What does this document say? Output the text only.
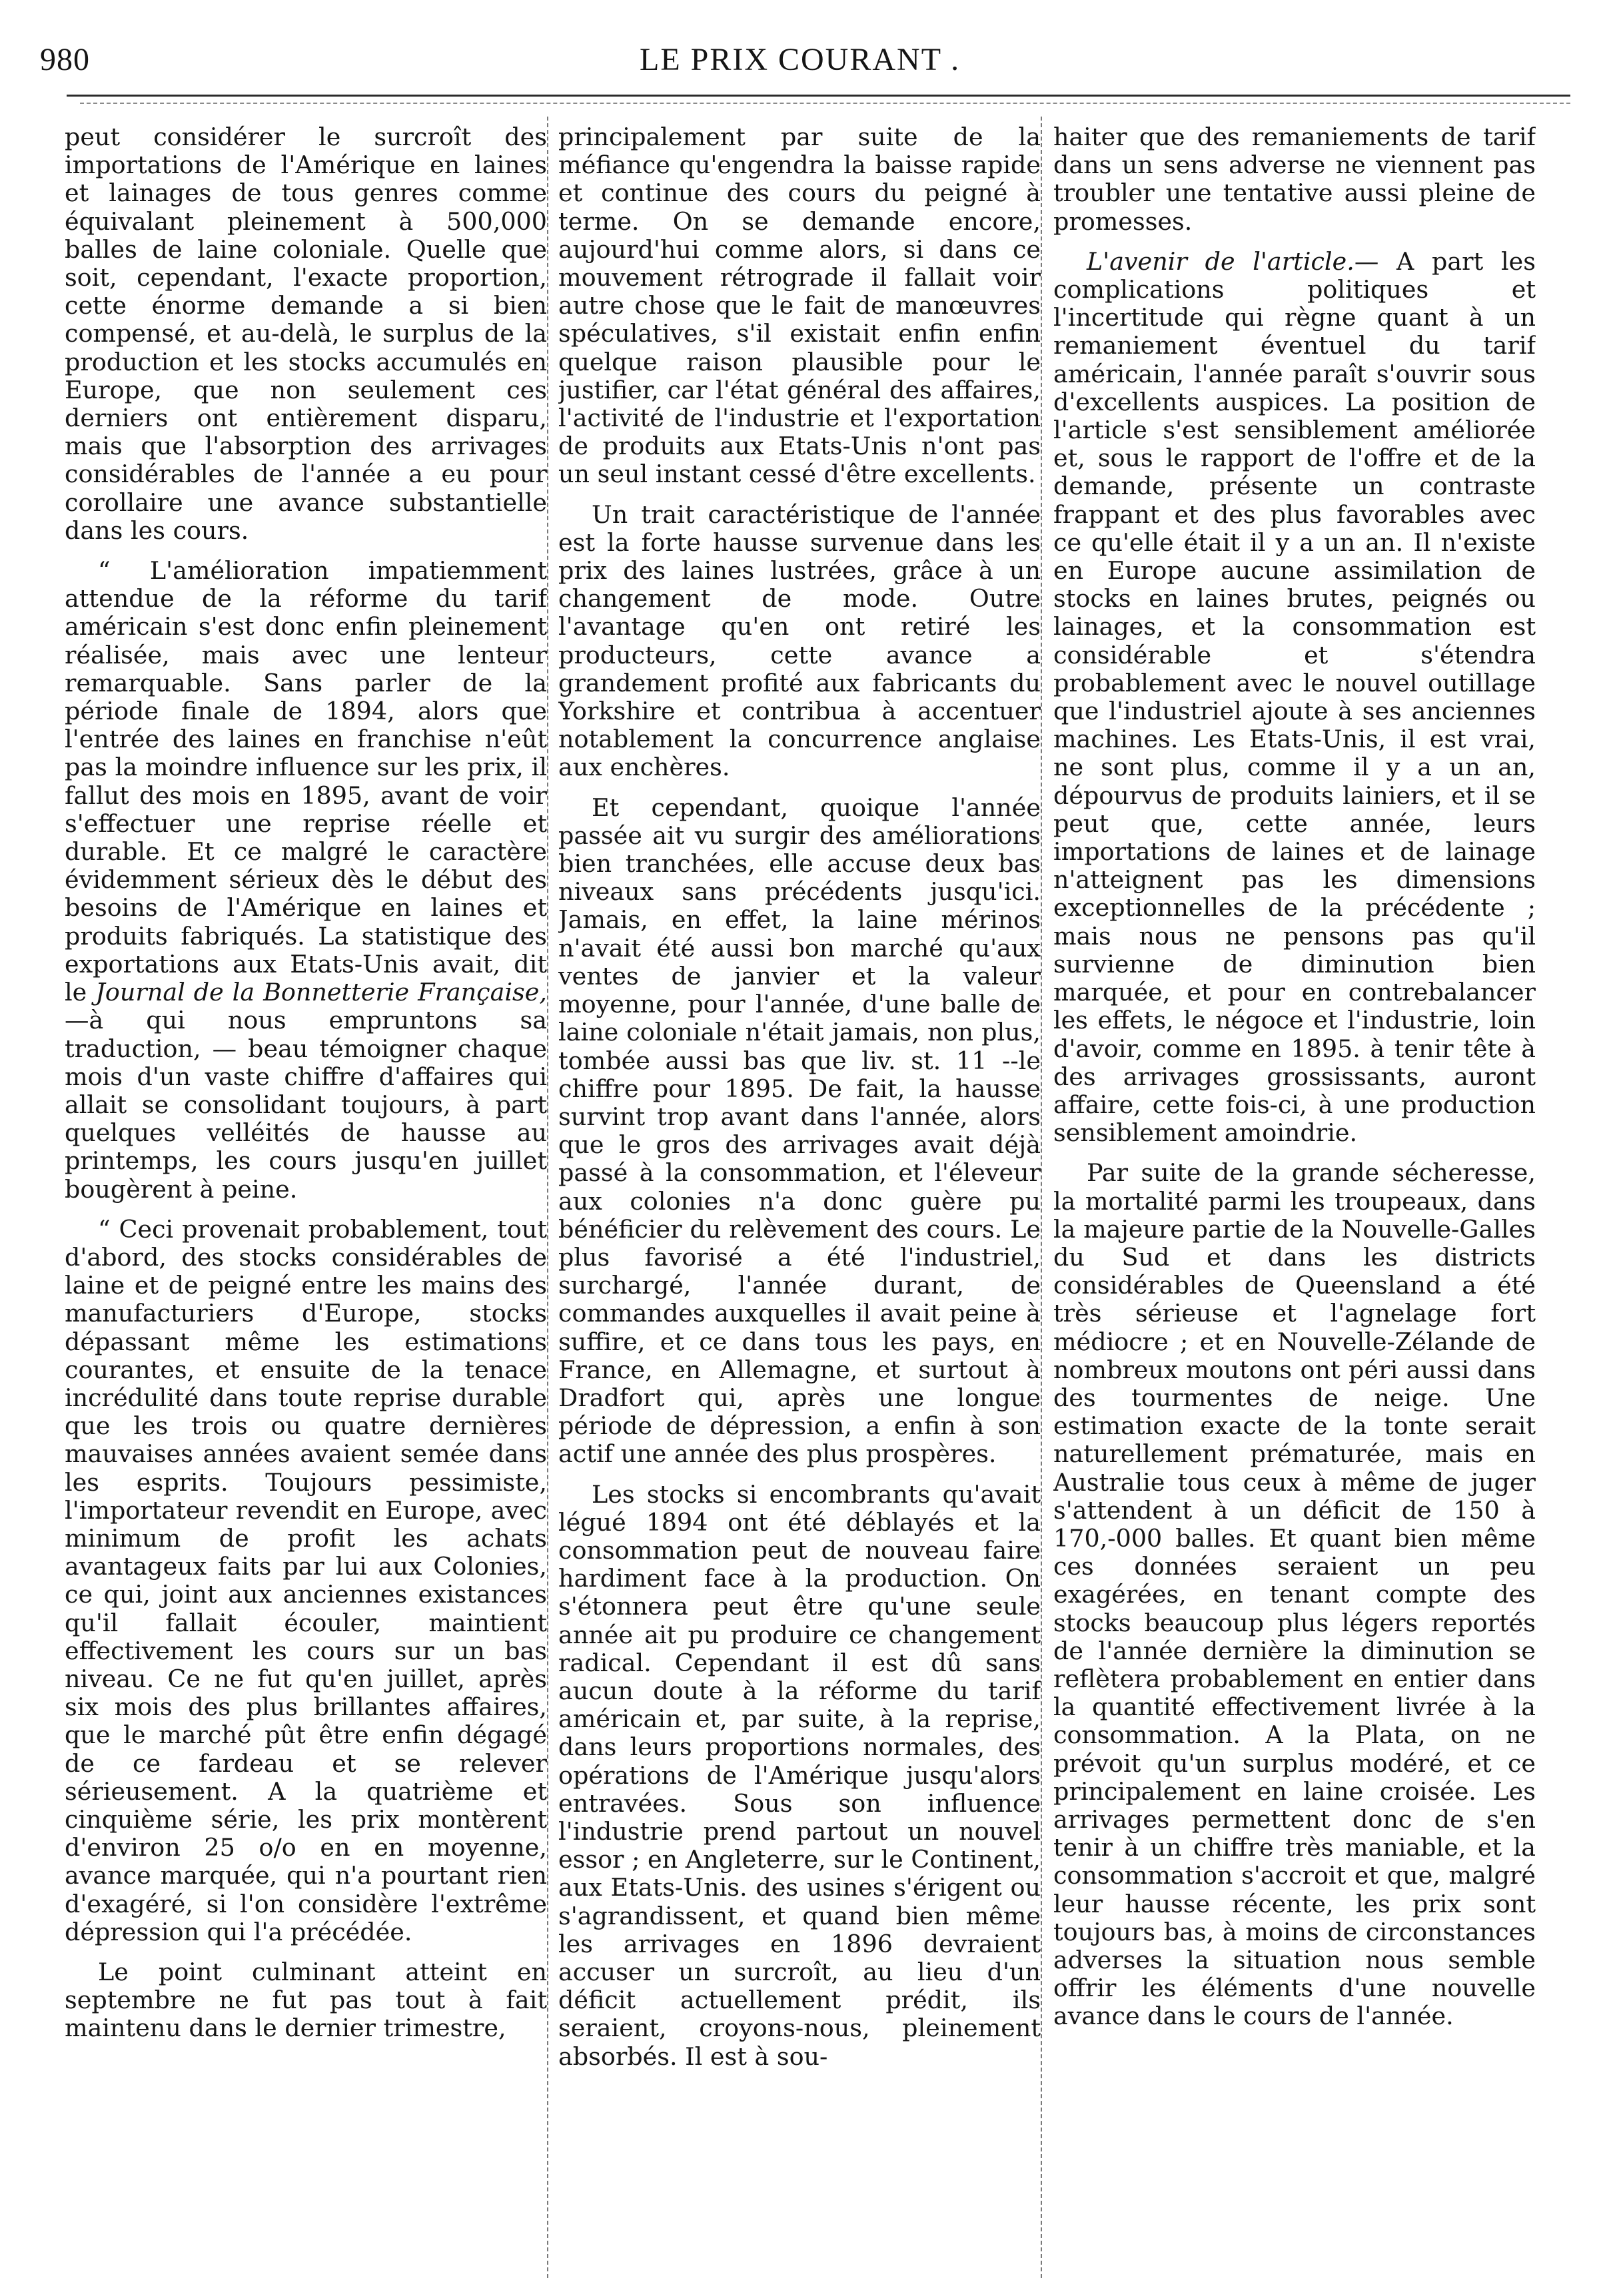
980	LE PRIX COURANT .

peut considérer le surcroît des importations de l'Amérique en laines et lainages de tous genres comme équivalant pleinement à 500,000 balles de laine coloniale. Quelle que soit, cependant, l'exacte proportion, cette énorme demande a si bien compensé, et au-delà, le surplus de la production et les stocks accumulés en Europe, que non seulement ces derniers ont entièrement disparu, mais que l'absorption des arrivages considérables de l'année a eu pour corollaire une avance substantielle dans les cours.

“ L'amélioration impatiemment attendue de la réforme du tarif américain s'est donc enfin pleinement réalisée, mais avec une lenteur remarquable. Sans parler de la période finale de 1894, alors que l'entrée des laines en franchise n'eût pas la moindre influence sur les prix, il fallut des mois en 1895, avant de voir s'effectuer une reprise réelle et durable. Et ce malgré le caractère évidemment sérieux dès le début des besoins de l'Amérique en laines et produits fabriqués. La statistique des exportations aux Etats-Unis avait, dit le Journal de la Bonnetterie Française,—à qui nous empruntons sa traduction, — beau témoigner chaque mois d'un vaste chiffre d'affaires qui allait se consolidant toujours, à part quelques velléités de hausse au printemps, les cours jusqu'en juillet bougèrent à peine.

“ Ceci provenait probablement, tout d'abord, des stocks considérables de laine et de peigné entre les mains des manufacturiers d'Europe, stocks dépassant même les estimations courantes, et ensuite de la tenace incrédulité dans toute reprise durable que les trois ou quatre dernières mauvaises années avaient semée dans les esprits. Toujours pessimiste, l'importateur revendit en Europe, avec minimum de profit les achats avantageux faits par lui aux Colonies, ce qui, joint aux anciennes existances qu'il fallait écouler, maintient effectivement les cours sur un bas niveau. Ce ne fut qu'en juillet, après six mois des plus brillantes affaires, que le marché pût être enfin dégagé de ce fardeau et se relever sérieusement. A la quatrième et cinquième série, les prix montèrent d'environ 25 o/o en en moyenne, avance marquée, qui n'a pourtant rien d'exagéré, si l'on considère l'extrême dépression qui l'a précédée.

Le point culminant atteint en septembre ne fut pas tout à fait maintenu dans le dernier trimestre,

principalement par suite de la méfiance qu'engendra la baisse rapide et continue des cours du peigné à terme. On se demande encore, aujourd'hui comme alors, si dans ce mouvement rétrograde il fallait voir autre chose que le fait de manœuvres spéculatives, s'il existait enfin enfin quelque raison plausible pour le justifier, car l'état général des affaires, l'activité de l'industrie et l'exportation de produits aux Etats-Unis n'ont pas un seul instant cessé d'être excellents.

Un trait caractéristique de l'année est la forte hausse survenue dans les prix des laines lustrées, grâce à un changement de mode. Outre l'avantage qu'en ont retiré les producteurs, cette avance a grandement profité aux fabricants du Yorkshire et contribua à accentuer notablement la concurrence anglaise aux enchères.

Et cependant, quoique l'année passée ait vu surgir des améliorations bien tranchées, elle accuse deux bas niveaux sans précédents jusqu'ici. Jamais, en effet, la laine mérinos n'avait été aussi bon marché qu'aux ventes de janvier et la valeur moyenne, pour l'année, d'une balle de laine coloniale n'était jamais, non plus, tombée aussi bas que liv. st. 11 --le chiffre pour 1895. De fait, la hausse survint trop avant dans l'année, alors que le gros des arrivages avait déjà passé à la consommation, et l'éleveur aux colonies n'a donc guère pu bénéficier du relèvement des cours. Le plus favorisé a été l'industriel, surchargé, l'année durant, de commandes auxquelles il avait peine à suffire, et ce dans tous les pays, en France, en Allemagne, et surtout à Dradfort qui, après une longue période de dépression, a enfin à son actif une année des plus prospères.

Les stocks si encombrants qu'avait légué 1894 ont été déblayés et la consommation peut de nouveau faire hardiment face à la production. On s'étonnera peut être qu'une seule année ait pu produire ce changement radical. Cependant il est dû sans aucun doute à la réforme du tarif américain et, par suite, à la reprise, dans leurs proportions normales, des opérations de l'Amérique jusqu'alors entravées. Sous son influence l'industrie prend partout un nouvel essor ; en Angleterre, sur le Continent, aux Etats-Unis. des usines s'érigent ou s'agrandissent, et quand bien même les arrivages en 1896 devraient accuser un surcroît, au lieu d'un déficit actuellement prédit, ils seraient, croyons-nous, pleinement absorbés. Il est à sou-

haiter que des remaniements de tarif dans un sens adverse ne viennent pas troubler une tentative aussi pleine de promesses.

L'avenir de l'article.— A part les complications politiques et l'incertitude qui règne quant à un remaniement éventuel du tarif américain, l'année paraît s'ouvrir sous d'excellents auspices. La position de l'article s'est sensiblement améliorée et, sous le rapport de l'offre et de la demande, présente un contraste frappant et des plus favorables avec ce qu'elle était il y a un an. Il n'existe en Europe aucune assimilation de stocks en laines brutes, peignés ou lainages, et la consommation est considérable et s'étendra probablement avec le nouvel outillage que l'industriel ajoute à ses anciennes machines. Les Etats-Unis, il est vrai, ne sont plus, comme il y a un an, dépourvus de produits lainiers, et il se peut que, cette année, leurs importations de laines et de lainage n'atteignent pas les dimensions exceptionnelles de la précédente ; mais nous ne pensons pas qu'il survienne de diminution bien marquée, et pour en contrebalancer les effets, le négoce et l'industrie, loin d'avoir, comme en 1895. à tenir tête à des arrivages grossissants, auront affaire, cette fois-ci, à une production sensiblement amoindrie.

Par suite de la grande sécheresse, la mortalité parmi les troupeaux, dans la majeure partie de la Nouvelle-Galles du Sud et dans les districts considérables de Queensland a été très sérieuse et l'agnelage fort médiocre ; et en Nouvelle-Zélande de nombreux moutons ont péri aussi dans des tourmentes de neige. Une estimation exacte de la tonte serait naturellement prématurée, mais en Australie tous ceux à même de juger s'attendent à un déficit de 150 à 170,-000 balles. Et quant bien même ces données seraient un peu exagérées, en tenant compte des stocks beaucoup plus légers reportés de l'année dernière la diminution se reflètera probablement en entier dans la quantité effectivement livrée à la consommation. A la Plata, on ne prévoit qu'un surplus modéré, et ce principalement en laine croisée. Les arrivages permettent donc de s'en tenir à un chiffre très maniable, et la consommation s'accroit et que, malgré leur hausse récente, les prix sont toujours bas, à moins de circonstances adverses la situation nous semble offrir les éléments d'une nouvelle avance dans le cours de l'année.
